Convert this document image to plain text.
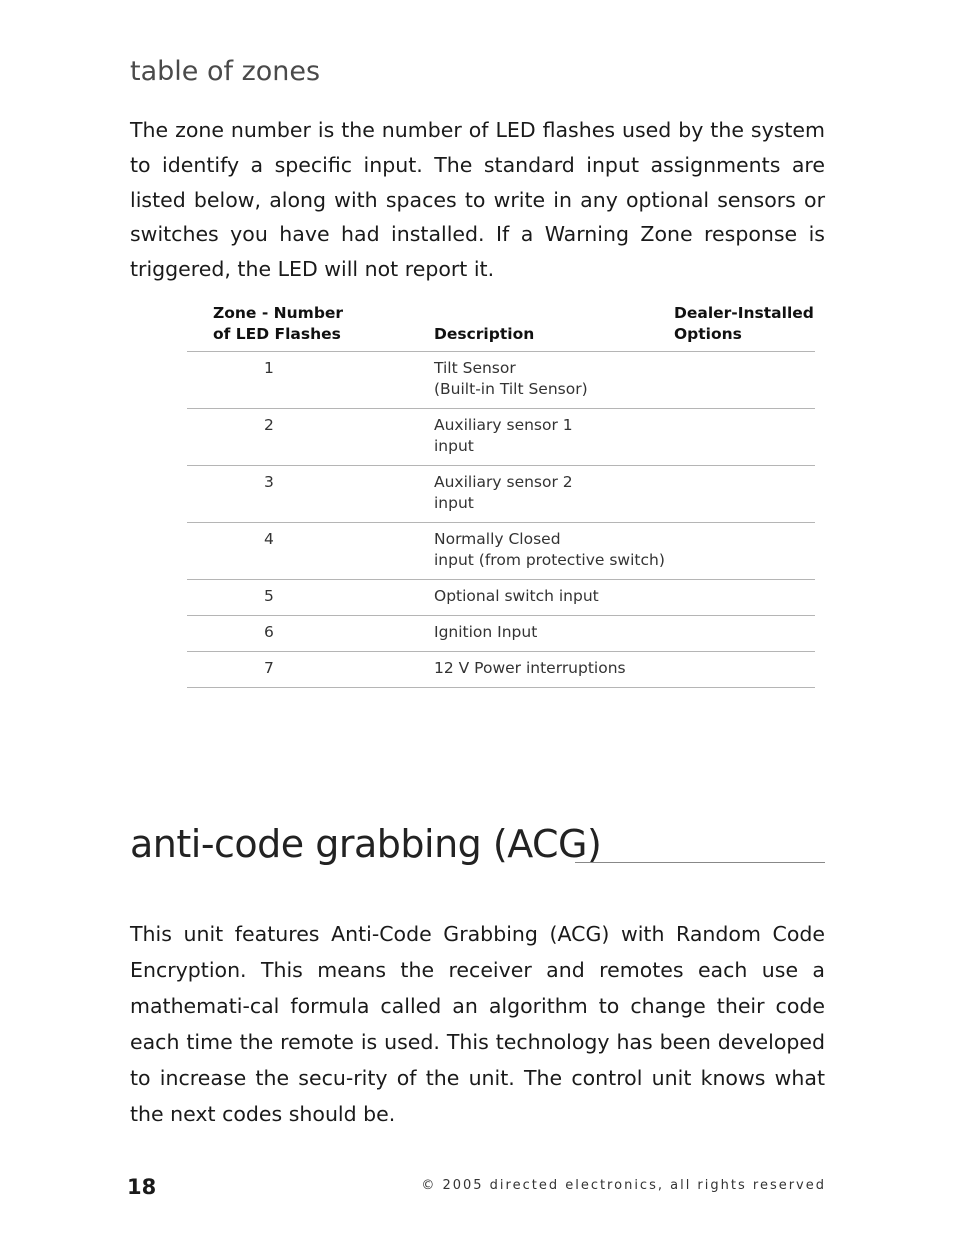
table of zones

The zone number is the number of LED flashes used by the system to identify a specific input. The standard input assignments are listed below, along with spaces to write in any optional sensors or switches you have had installed. If a Warning Zone response is triggered, the LED will not report it.

Zone - Number
of LED Flashes	Description	Dealer-Installed
Options

1	Tilt Sensor
(Built-in Tilt Sensor)	

2	Auxiliary sensor 1
input	

3	Auxiliary sensor 2
input	

4	Normally Closed
input (from protective switch)	

5	Optional switch input	

6	Ignition Input	

7	12 V Power interruptions	

anti-code grabbing (ACG)

This unit features Anti-Code Grabbing (ACG) with Random Code Encryption. This means the receiver and remotes each use a mathemati-cal formula called an algorithm to change their code each time the remote is used. This technology has been developed to increase the secu-rity of the unit. The control unit knows what the next codes should be.

18	© 2005 directed electronics, all rights reserved
